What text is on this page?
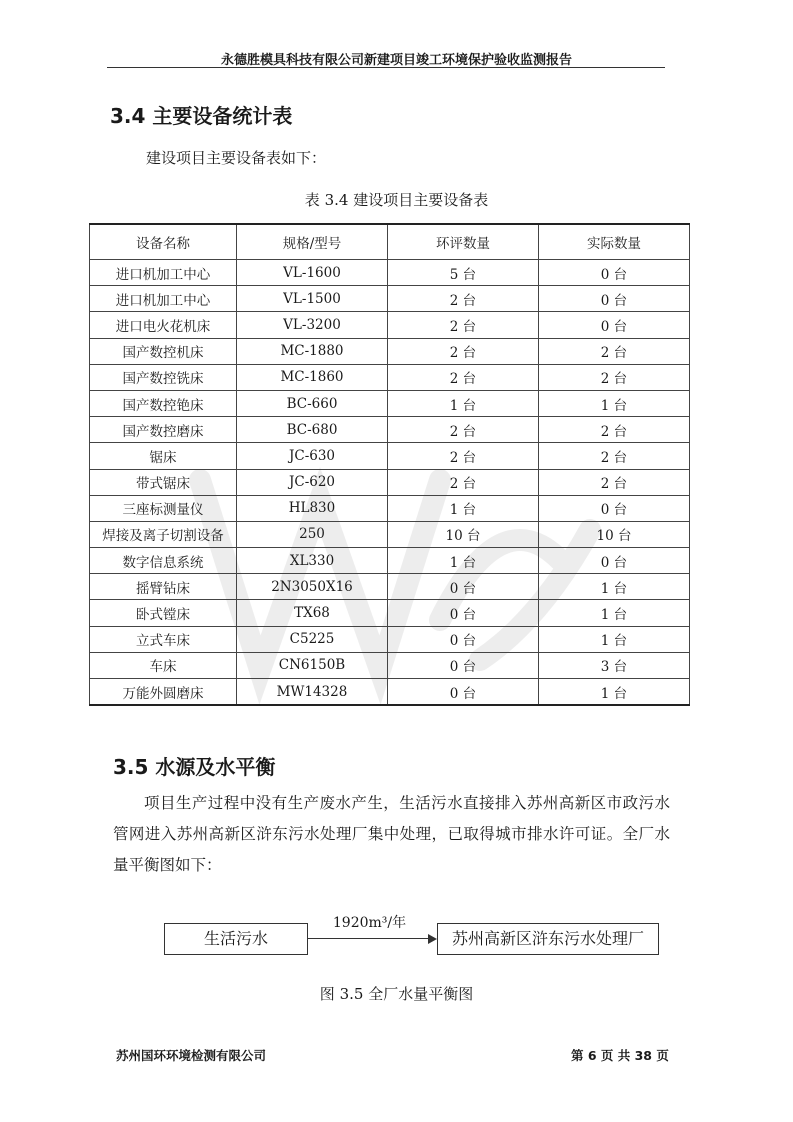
永德胜模具科技有限公司新建项目竣工环境保护验收监测报告
3.4 主要设备统计表
建设项目主要设备表如下：
表 3.4 建设项目主要设备表
设备名称	规格/型号	环评数量	实际数量
进口机加工中心	VL-1600	5 台	0 台
进口机加工中心	VL-1500	2 台	0 台
进口电火花机床	VL-3200	2 台	0 台
国产数控机床	MC-1880	2 台	2 台
国产数控铣床	MC-1860	2 台	2 台
国产数控铯床	BC-660	1 台	1 台
国产数控磨床	BC-680	2 台	2 台
锯床	JC-630	2 台	2 台
带式锯床	JC-620	2 台	2 台
三座标测量仪	HL830	1 台	0 台
焊接及离子切割设备	250	10 台	10 台
数字信息系统	XL330	1 台	0 台
摇臂钻床	2N3050X16	0 台	1 台
卧式镗床	TX68	0 台	1 台
立式车床	C5225	0 台	1 台
车床	CN6150B	0 台	3 台
万能外圆磨床	MW14328	0 台	1 台
3.5 水源及水平衡
项目生产过程中没有生产废水产生，生活污水直接排入苏州高新区市政污水管网进入苏州高新区浒东污水处理厂集中处理，已取得城市排水许可证。全厂水量平衡图如下：
生活污水
1920m³/年
苏州高新区浒东污水处理厂
图 3.5 全厂水量平衡图
苏州国环环境检测有限公司	第 6 页 共 38 页
